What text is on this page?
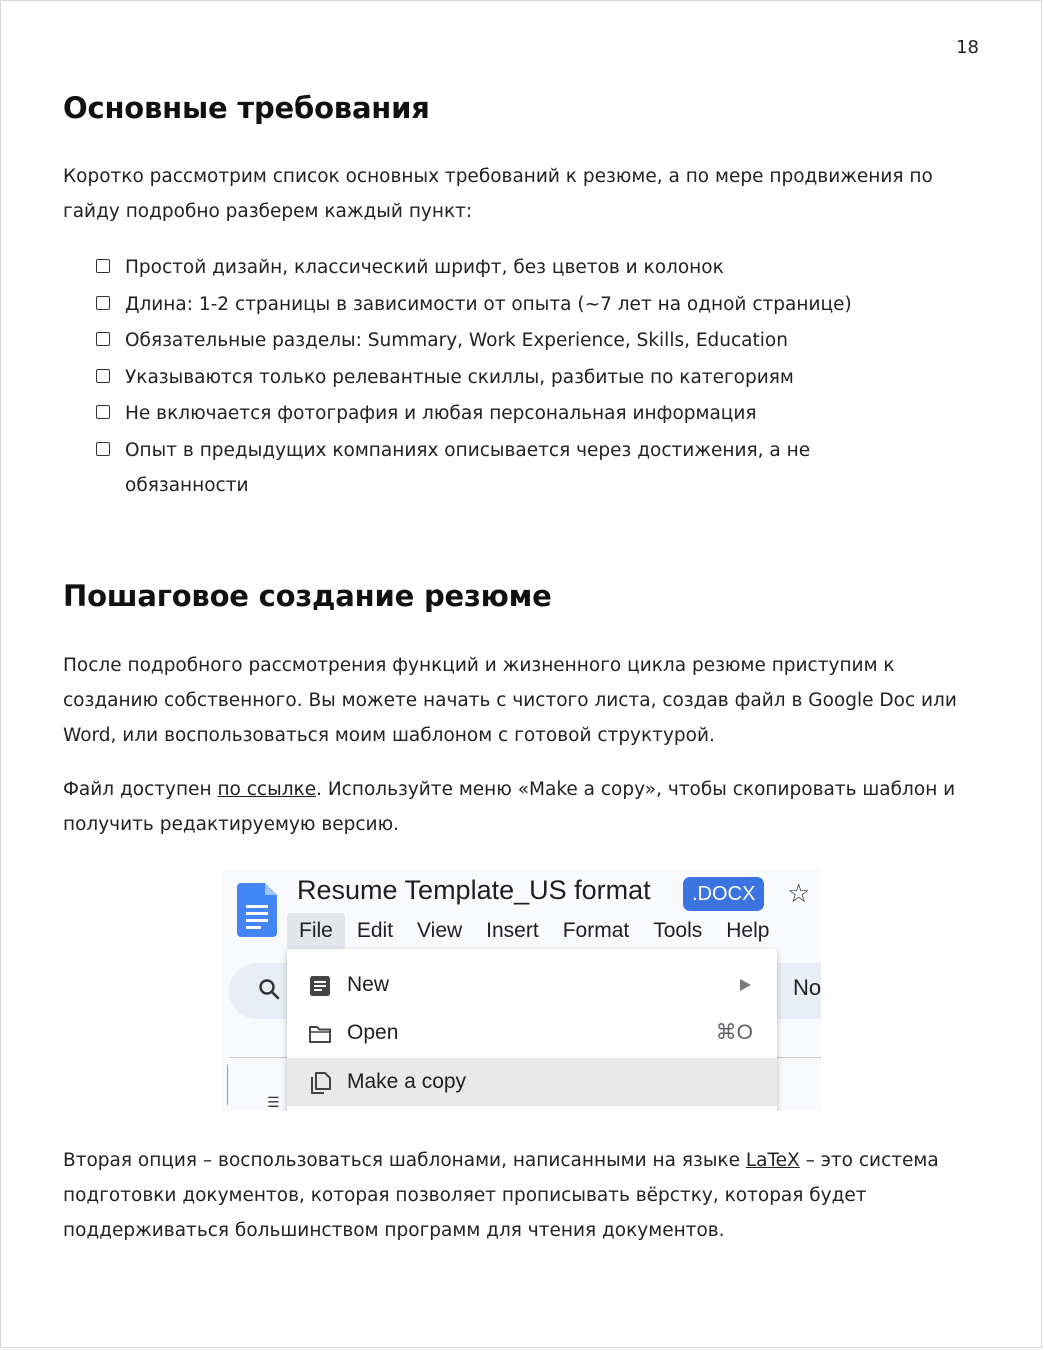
18
Основные требования

Коротко рассмотрим список основных требований к резюме, а по мере продвижения по гайду подробно разберем каждый пункт:

Простой дизайн, классический шрифт, без цветов и колонок
Длина: 1-2 страницы в зависимости от опыта (~7 лет на одной странице)
Обязательные разделы: Summary, Work Experience, Skills, Education
Указываются только релевантные скиллы, разбитые по категориям
Не включается фотография и любая персональная информация
Опыт в предыдущих компаниях описывается через достижения, а не обязанности
Пошаговое создание резюме

После подробного рассмотрения функций и жизненного цикла резюме приступим к созданию собственного. Вы можете начать с чистого листа, создав файл в Google Doc или Word, или воспользоваться моим шаблоном с готовой структурой.

Файл доступен по ссылке. Используйте меню «Make a copy», чтобы скопировать шаблон и получить редактируемую версию.

Resume Template_US format	.DOCX	☆
No
☰
File	Edit	View	Insert	Format	Tools	Help
New
Open	⌘O
Make a copy

Вторая опция – воспользоваться шаблонами, написанными на языке LaTeX – это система подготовки документов, которая позволяет прописывать вёрстку, которая будет поддерживаться большинством программ для чтения документов.
